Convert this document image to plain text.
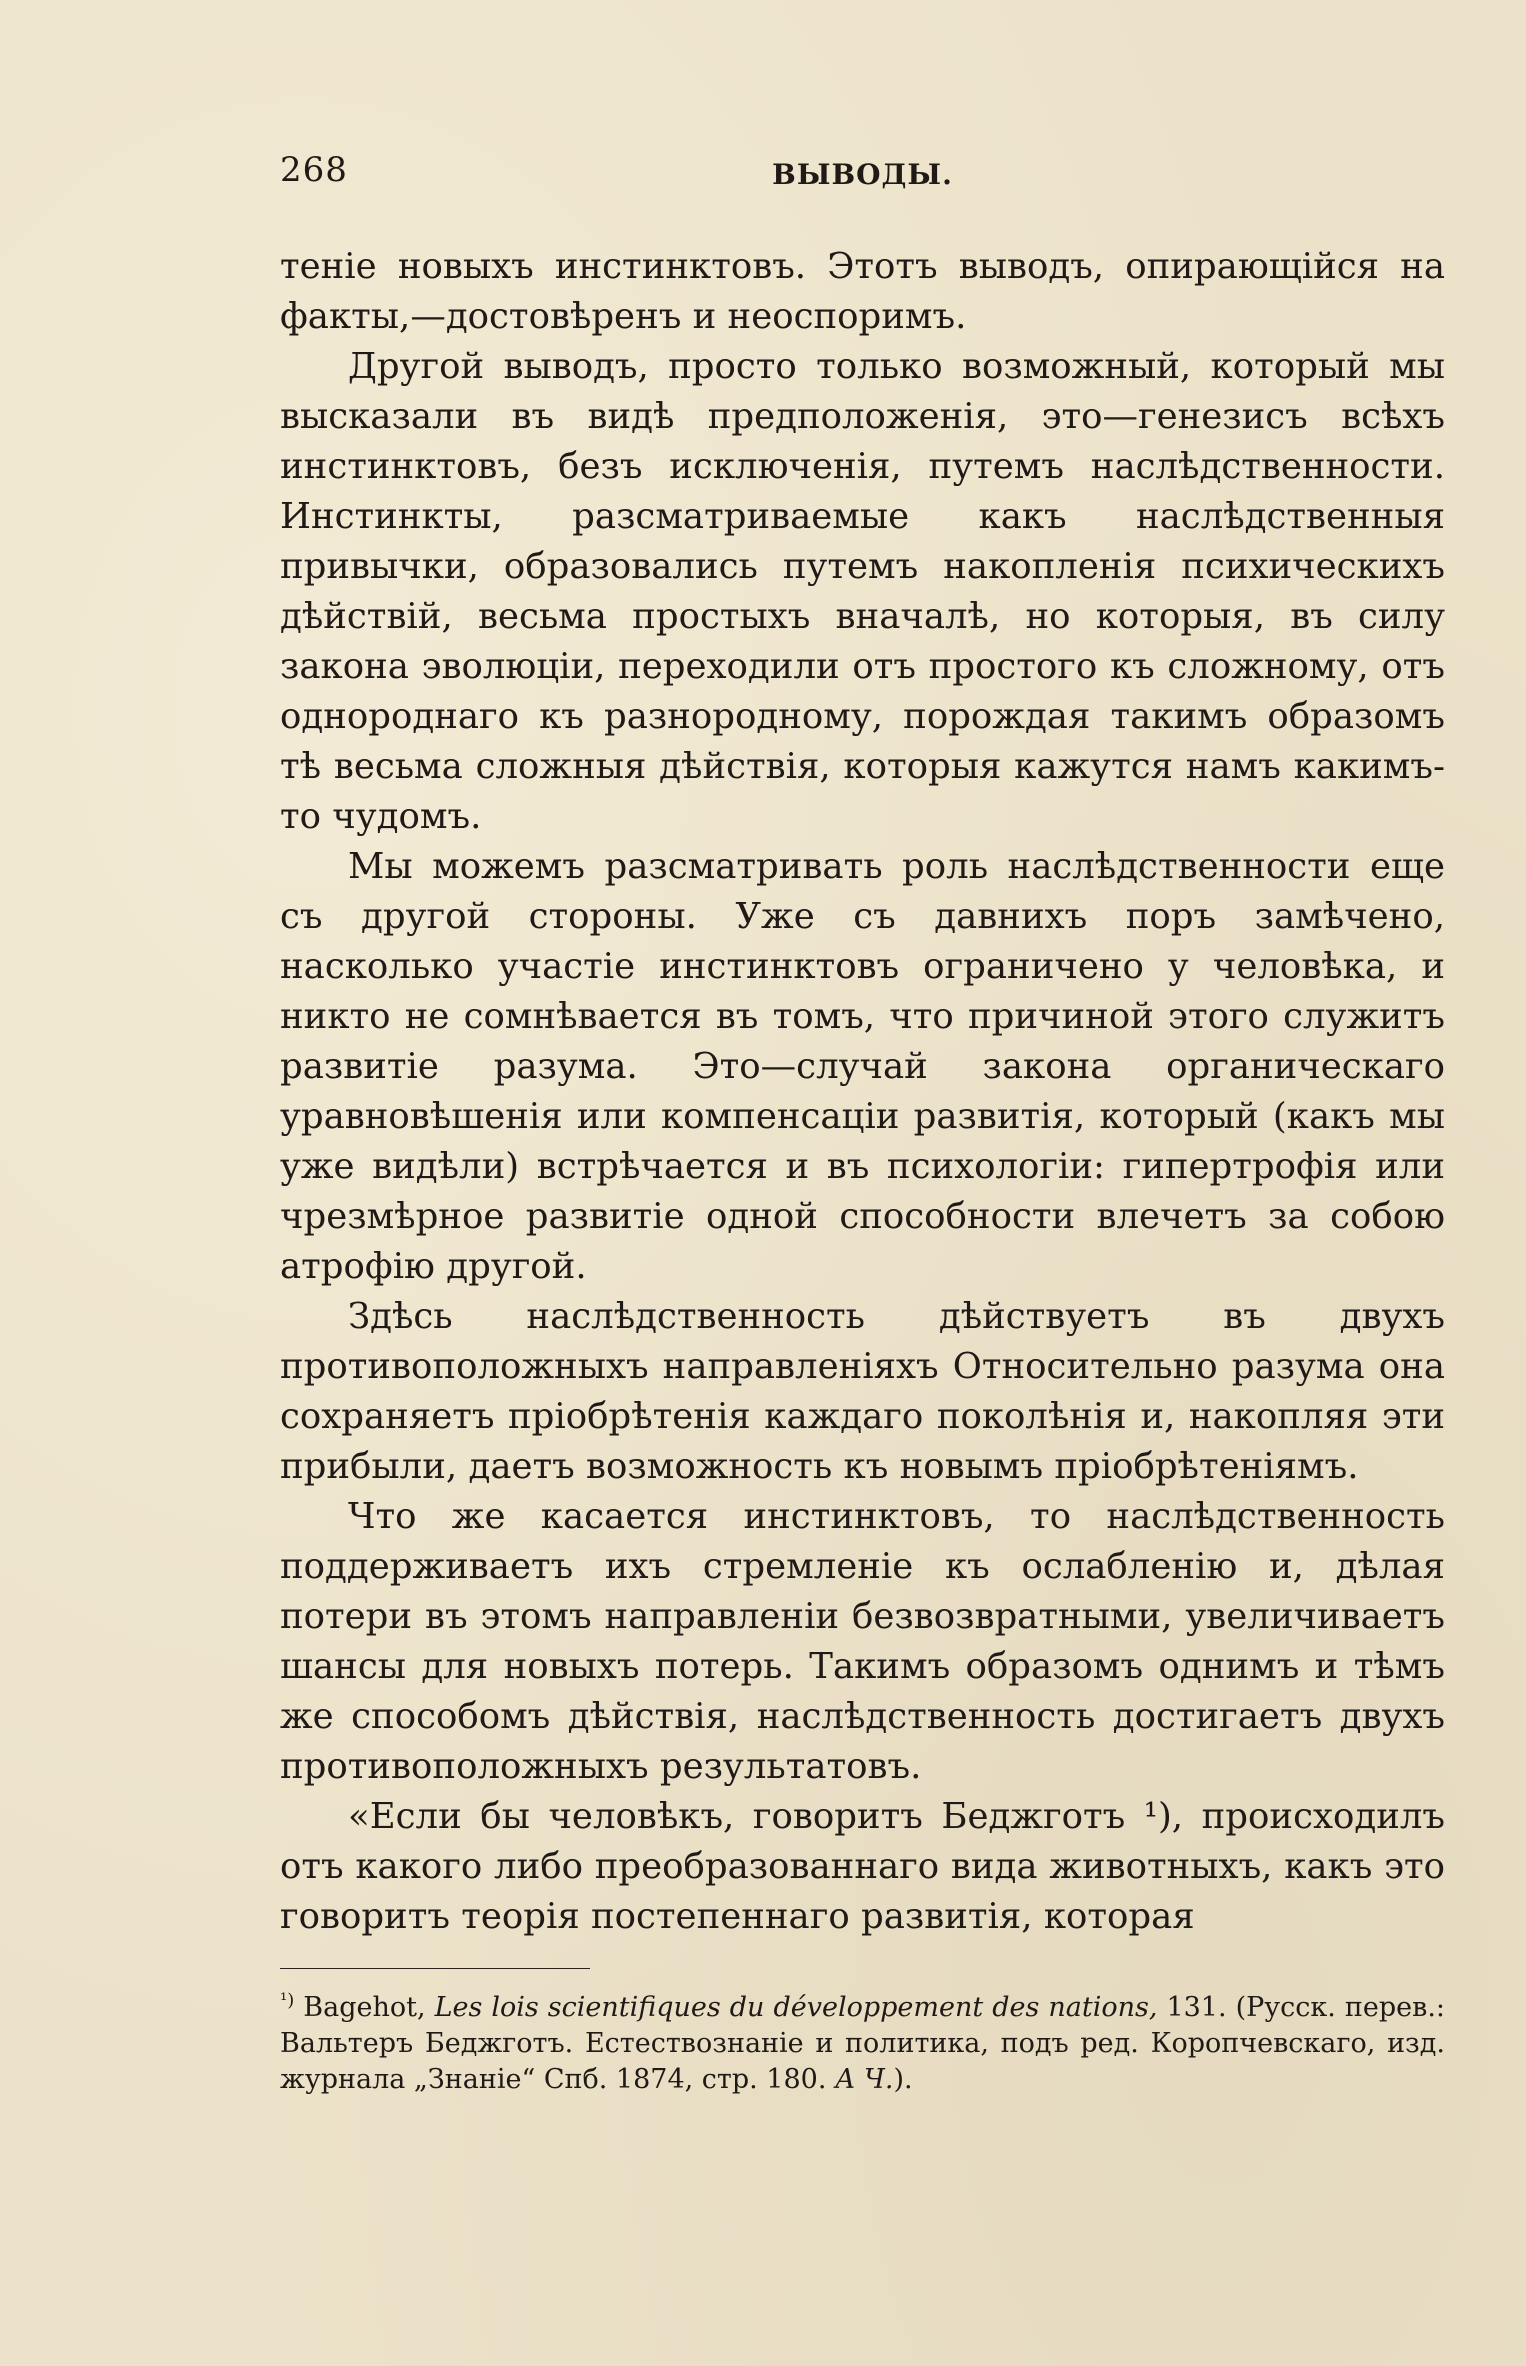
268	ВЫВОДЫ.

теніе новыхъ инстинктовъ. Этотъ выводъ, опирающійся на факты,—достовѣренъ и неоспоримъ.

Другой выводъ, просто только возможный, который мы высказали въ видѣ предположенія, это—генезисъ всѣхъ инстинктовъ, безъ исключенія, путемъ наслѣдственности. Инстинкты, разсматриваемые какъ наслѣдственныя привычки, образовались путемъ накопленія психическихъ дѣйствій, весьма простыхъ вначалѣ, но которыя, въ силу закона эволюціи, переходили отъ простого къ сложному, отъ однороднаго къ разнородному, порождая такимъ образомъ тѣ весьма сложныя дѣйствія, которыя кажутся намъ какимъ-то чудомъ.

Мы можемъ разсматривать роль наслѣдственности еще съ другой стороны. Уже съ давнихъ поръ замѣчено, насколько участіе инстинктовъ ограничено у человѣка, и никто не сомнѣвается въ томъ, что причиной этого служитъ развитіе разума. Это—случай закона органическаго уравновѣшенія или компенсаціи развитія, который (какъ мы уже видѣли) встрѣчается и въ психологіи: гипертрофія или чрезмѣрное развитіе одной способности влечетъ за собою атрофію другой.

Здѣсь наслѣдственность дѣйствуетъ въ двухъ противоположныхъ направленіяхъ Относительно разума она сохраняетъ пріобрѣтенія каждаго поколѣнія и, накопляя эти прибыли, даетъ возможность къ новымъ пріобрѣтеніямъ.

Что же касается инстинктовъ, то наслѣдственность поддерживаетъ ихъ стремленіе къ ослабленію и, дѣлая потери въ этомъ направленіи безвозвратными, увеличиваетъ шансы для новыхъ потерь. Такимъ образомъ однимъ и тѣмъ же способомъ дѣйствія, наслѣдственность достигаетъ двухъ противоположныхъ результатовъ.

«Если бы человѣкъ, говоритъ Беджготъ ¹), происходилъ отъ какого либо преобразованнаго вида животныхъ, какъ это говоритъ теорія постепеннаго развитія, которая

$^{^1)}$ Bagehot, Les lois scientifiques du développement des nations, 131. (Русск. перев.: Вальтеръ Беджготъ. Естествознаніе и политика, подъ ред. Коропчевскаго, изд. журнала „Знаніе“ Спб. 1874, стр. 180. А Ч.).
